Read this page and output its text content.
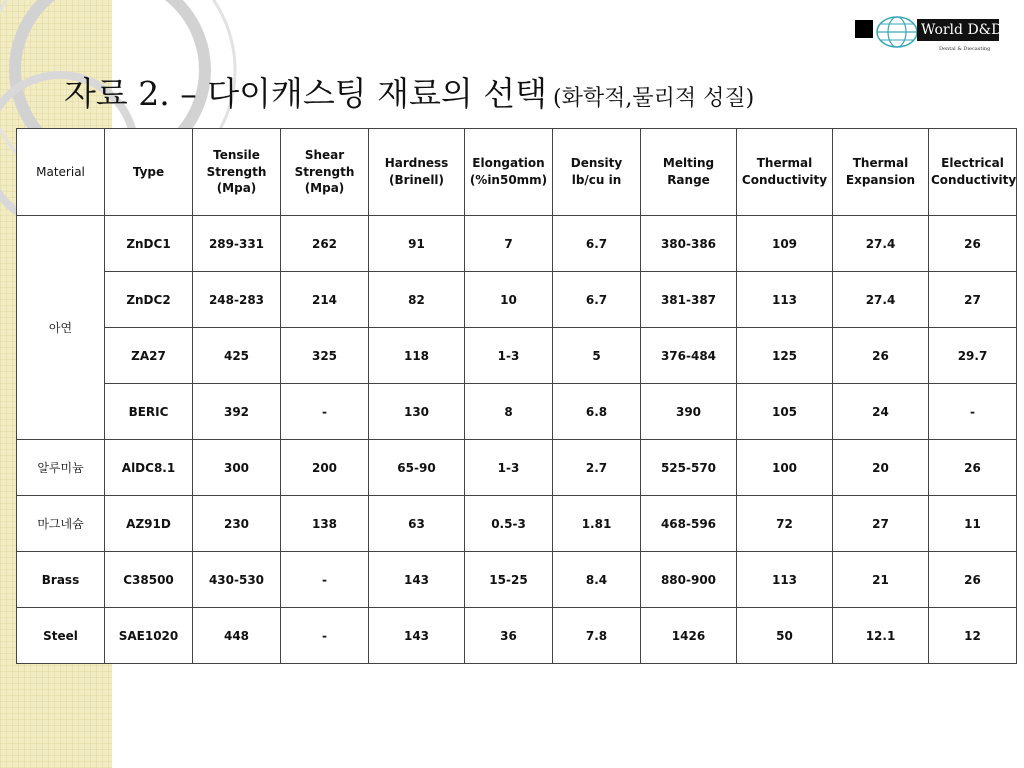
World D&D
Dental & Diecasting
자료 2. – 다이캐스팅 재료의 선택 (화학적,물리적 성질)
Material	Type	Tensile Strength (Mpa)	Shear Strength (Mpa)	Hardness (Brinell)	Elongation (%in50mm)	Density lb/cu in	Melting Range	Thermal Conductivity	Thermal Expansion	Electrical Conductivity
아연	ZnDC1	289-331	262	91	7	6.7	380-386	109	27.4	26
	ZnDC2	248-283	214	82	10	6.7	381-387	113	27.4	27
	ZA27	425	325	118	1-3	5	376-484	125	26	29.7
	BERIC	392	-	130	8	6.8	390	105	24	-
알루미늄	AlDC8.1	300	200	65-90	1-3	2.7	525-570	100	20	26
마그네슘	AZ91D	230	138	63	0.5-3	1.81	468-596	72	27	11
Brass	C38500	430-530	-	143	15-25	8.4	880-900	113	21	26
Steel	SAE1020	448	-	143	36	7.8	1426	50	12.1	12
